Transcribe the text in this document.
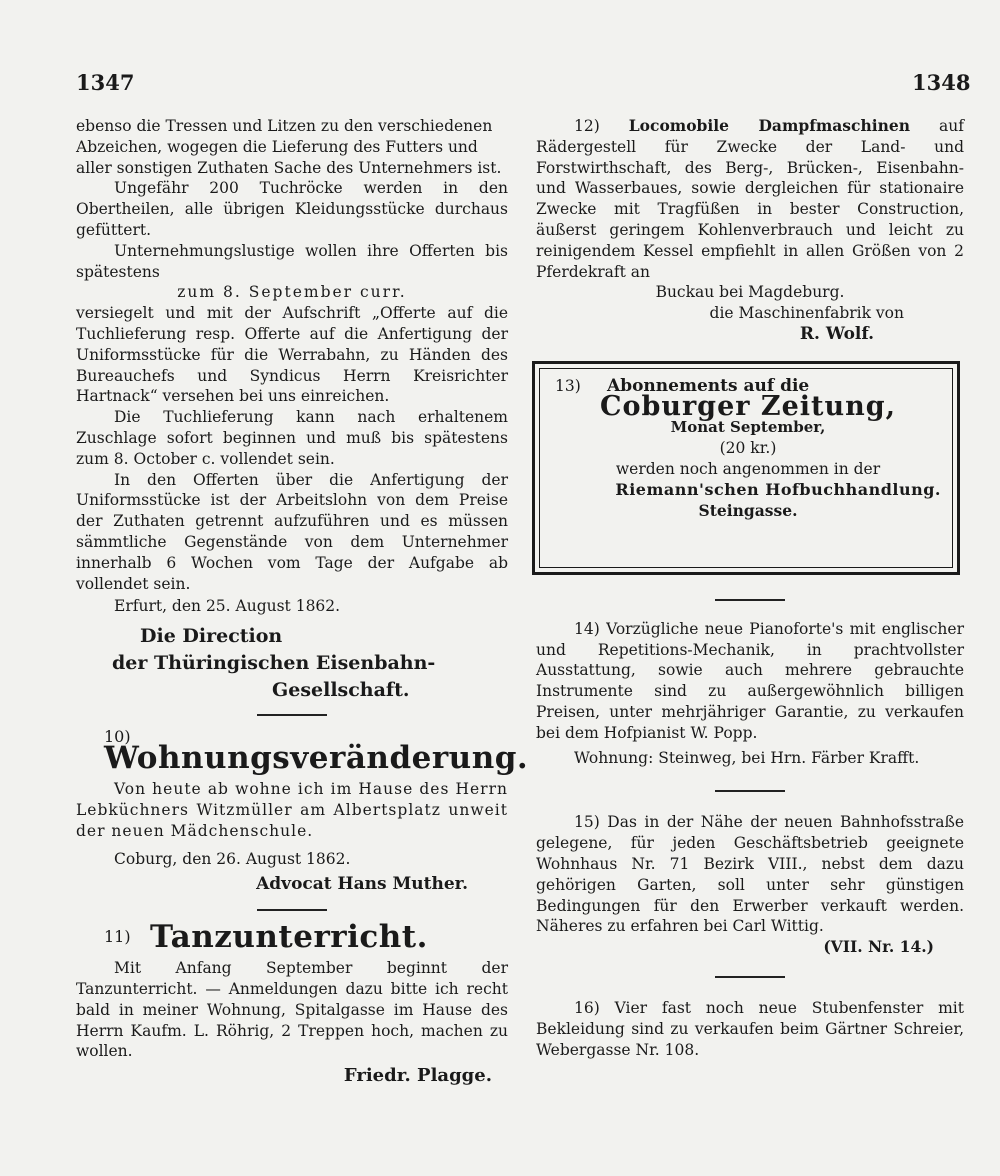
1347	1348

ebenso die Tressen und Litzen zu den verschiedenen

Abzeichen, wogegen die Lieferung des Futters und

aller sonstigen Zuthaten Sache des Unternehmers ist.

Ungefähr 200 Tuchröcke werden in den Obertheilen, alle übrigen Kleidungsstücke durchaus gefüttert.

Unternehmungslustige wollen ihre Offerten bis spätestens

zum 8. September curr.

versiegelt und mit der Aufschrift „Offerte auf die Tuchlieferung resp. Offerte auf die Anfertigung der Uniformsstücke für die Werrabahn, zu Händen des Bureauchefs und Syndicus Herrn Kreisrichter Hartnack“ versehen bei uns einreichen.

Die Tuchlieferung kann nach erhaltenem Zuschlage sofort beginnen und muß bis spätestens zum 8. October c. vollendet sein.

In den Offerten über die Anfertigung der Uniformsstücke ist der Arbeitslohn von dem Preise der Zuthaten getrennt aufzuführen und es müssen sämmtliche Gegenstände von dem Unternehmer innerhalb 6 Wochen vom Tage der Aufgabe ab vollendet sein.

Erfurt, den 25. August 1862.

Die Direction
der Thüringischen Eisenbahn-
Gesellschaft.
10)Wohnungsveränderung.

Von heute ab wohne ich im Hause des Herrn Lebküchners Witzmüller am Albertsplatz unweit der neuen Mädchenschule.

Coburg, den 26. August 1862.

Advocat Hans Muther.

11) Tanzunterricht.

Mit Anfang September beginnt der Tanzunterricht. — Anmeldungen dazu bitte ich recht bald in meiner Wohnung, Spitalgasse im Hause des Herrn Kaufm. L. Röhrig, 2 Treppen hoch, machen zu wollen.

Friedr. Plagge.

12) Locomobile Dampfmaschinen auf Rädergestell für Zwecke der Land- und Forstwirthschaft, des Berg-, Brücken-, Eisenbahn- und Wasserbaues, sowie dergleichen für stationaire Zwecke mit Tragfüßen in bester Construction, äußerst geringem Kohlenverbrauch und leicht zu reinigendem Kessel empfiehlt in allen Größen von 2 Pferdekraft an

Buckau bei Magdeburg.

die Maschinenfabrik von

R. Wolf.

13) Abonnements auf die

Coburger Zeitung,

Monat September,

(20 kr.)

werden noch angenommen in der

Riemann'schen Hofbuchhandlung.

Steingasse.

14) Vorzügliche neue Pianoforte's mit englischer und Repetitions-Mechanik, in prachtvollster Ausstattung, sowie auch mehrere gebrauchte Instrumente sind zu außergewöhnlich billigen Preisen, unter mehrjähriger Garantie, zu verkaufen bei dem Hofpianist W. Popp.

Wohnung: Steinweg, bei Hrn. Färber Krafft.

15) Das in der Nähe der neuen Bahnhofsstraße gelegene, für jeden Geschäftsbetrieb geeignete Wohnhaus Nr. 71 Bezirk VIII., nebst dem dazu gehörigen Garten, soll unter sehr günstigen Bedingungen für den Erwerber verkauft werden. Näheres zu erfahren bei Carl Wittig.

(VII. Nr. 14.)

16) Vier fast noch neue Stubenfenster mit Bekleidung sind zu verkaufen beim Gärtner Schreier, Webergasse Nr. 108.
